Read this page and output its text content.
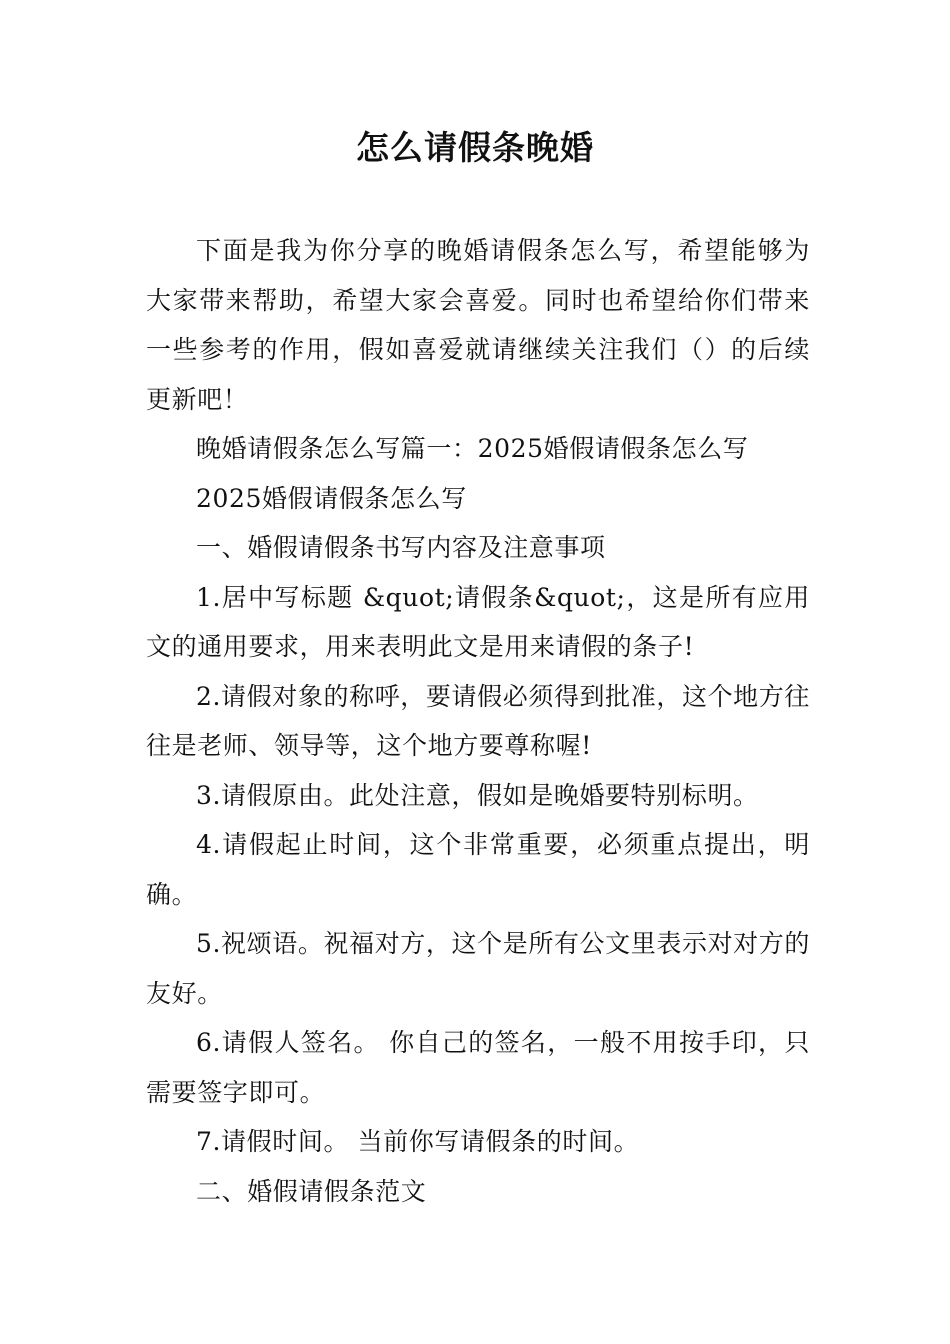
怎么请假条晚婚

下面是我为你分享的晚婚请假条怎么写，希望能够为大家带来帮助，希望大家会喜爱。同时也希望给你们带来一些参考的作用，假如喜爱就请继续关注我们（）的后续更新吧！

晚婚请假条怎么写篇一：2025婚假请假条怎么写

2025婚假请假条怎么写

一、婚假请假条书写内容及注意事项

1.居中写标题 &quot;请假条&quot;，这是所有应用文的通用要求，用来表明此文是用来请假的条子!

2.请假对象的称呼，要请假必须得到批准，这个地方往往是老师、领导等，这个地方要尊称喔!

3.请假原由。此处注意，假如是晚婚要特别标明。

4.请假起止时间，这个非常重要，必须重点提出，明确。

5.祝颂语。祝福对方，这个是所有公文里表示对对方的友好。

6.请假人签名。 你自己的签名，一般不用按手印，只需要签字即可。

7.请假时间。 当前你写请假条的时间。

二、婚假请假条范文
